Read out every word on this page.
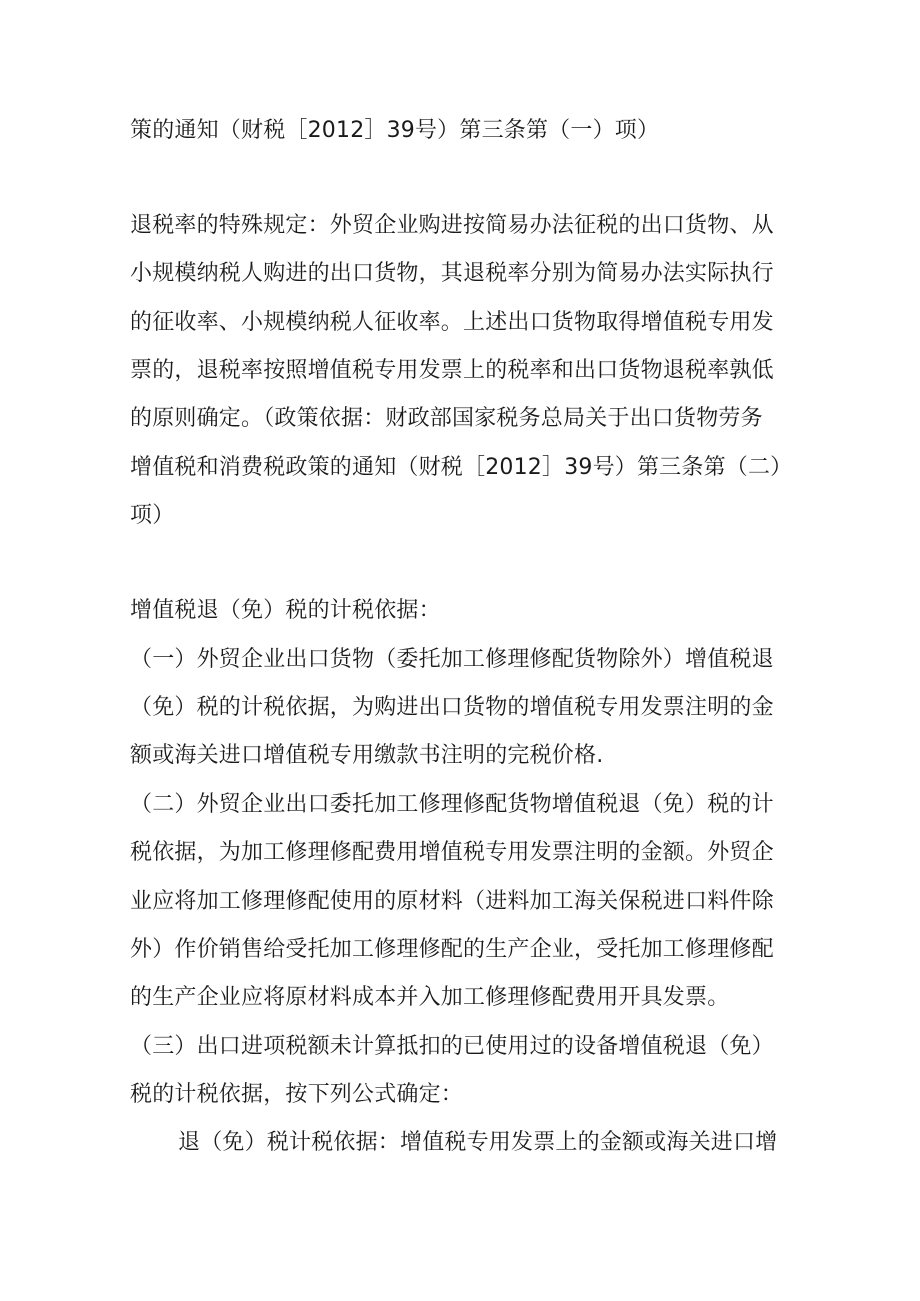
策的通知（财税［2012］39号）第三条第（一）项）
退税率的特殊规定：外贸企业购进按简易办法征税的出口货物、从
小规模纳税人购进的出口货物，其退税率分别为简易办法实际执行
的征收率、小规模纳税人征收率。上述出口货物取得增值税专用发
票的，退税率按照增值税专用发票上的税率和出口货物退税率孰低
的原则确定。（政策依据：财政部国家税务总局关于出口货物劳务
增值税和消费税政策的通知（财税［2012］39号）第三条第（二）
项）
增值税退（免）税的计税依据：
（一）外贸企业出口货物（委托加工修理修配货物除外）增值税退
（免）税的计税依据，为购进出口货物的增值税专用发票注明的金
额或海关进口增值税专用缴款书注明的完税价格.
（二）外贸企业出口委托加工修理修配货物增值税退（免）税的计
税依据，为加工修理修配费用增值税专用发票注明的金额。外贸企
业应将加工修理修配使用的原材料（进料加工海关保税进口料件除
外）作价销售给受托加工修理修配的生产企业，受托加工修理修配
的生产企业应将原材料成本并入加工修理修配费用开具发票。
（三）出口进项税额未计算抵扣的已使用过的设备增值税退（免）
税的计税依据，按下列公式确定：
退（免）税计税依据：增值税专用发票上的金额或海关进口增
